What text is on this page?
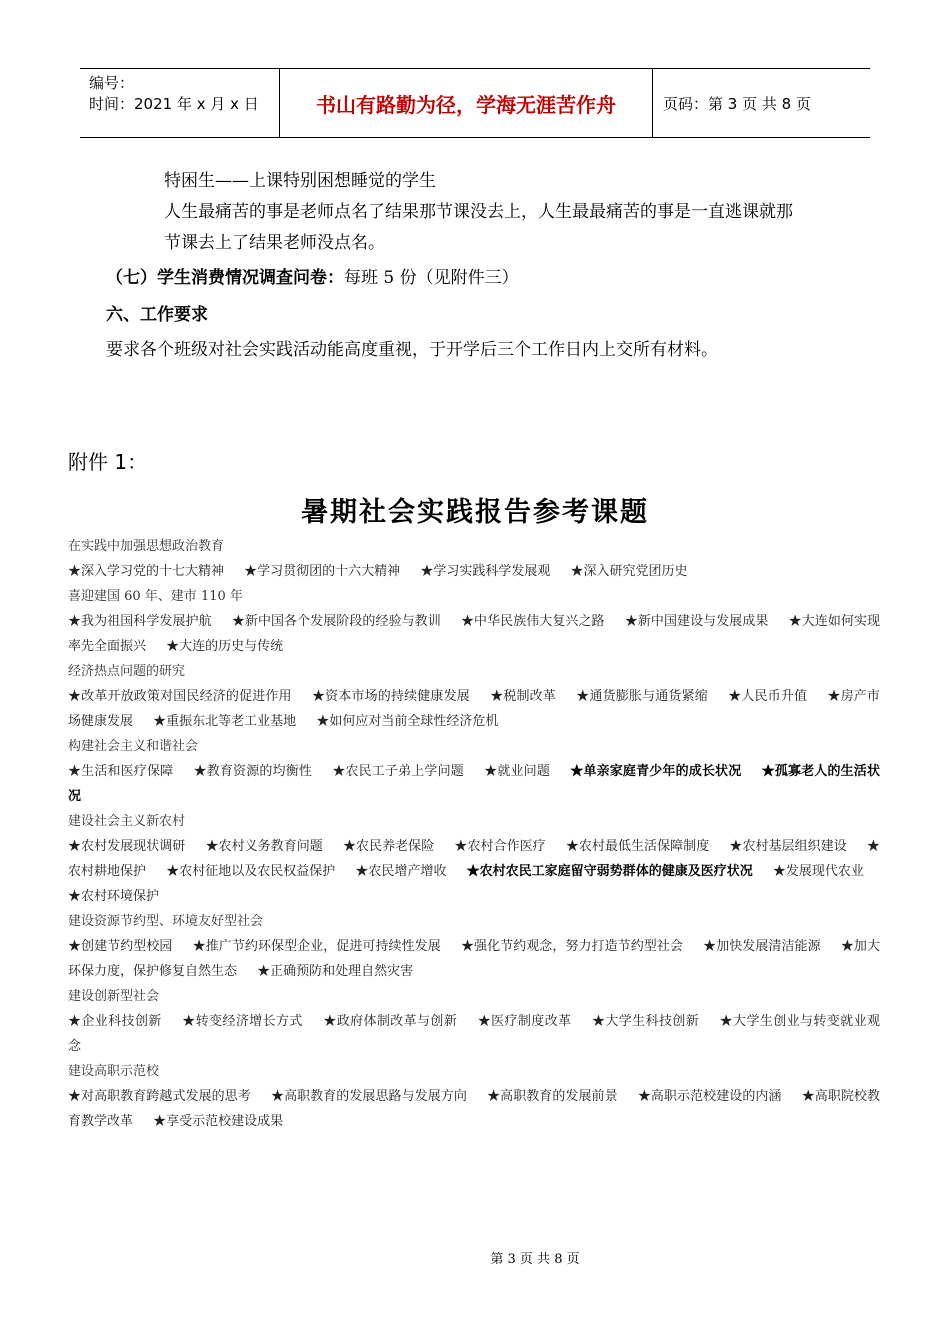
编号：
时间：2021 年 x 月 x 日	书山有路勤为径，学海无涯苦作舟	页码：第 3 页 共 8 页

特困生——上课特别困想睡觉的学生

人生最痛苦的事是老师点名了结果那节课没去上，人生最最痛苦的事是一直逃课就那

节课去上了结果老师没点名。

（七）学生消费情况调查问卷：每班 5 份（见附件三）

六、工作要求

要求各个班级对社会实践活动能高度重视，于开学后三个工作日内上交所有材料。

附件 1：
暑期社会实践报告参考课题
在实践中加强思想政治教育
★深入学习党的十七大精神 ★学习贯彻团的十六大精神 ★学习实践科学发展观 ★深入研究党团历史
喜迎建国 60 年、建市 110 年
★我为祖国科学发展护航 ★新中国各个发展阶段的经验与教训 ★中华民族伟大复兴之路 ★新中国建设与发展成果 ★大连如何实现率先全面振兴 ★大连的历史与传统
经济热点问题的研究
★改革开放政策对国民经济的促进作用 ★资本市场的持续健康发展 ★税制改革 ★通货膨胀与通货紧缩 ★人民币升值 ★房产市场健康发展 ★重振东北等老工业基地 ★如何应对当前全球性经济危机
构建社会主义和谐社会
★生活和医疗保障 ★教育资源的均衡性 ★农民工子弟上学问题 ★就业问题 ★单亲家庭青少年的成长状况 ★孤寡老人的生活状况
建设社会主义新农村
★农村发展现状调研 ★农村义务教育问题 ★农民养老保险 ★农村合作医疗 ★农村最低生活保障制度 ★农村基层组织建设 ★农村耕地保护 ★农村征地以及农民权益保护 ★农民增产增收 ★农村农民工家庭留守弱势群体的健康及医疗状况 ★发展现代农业 ★农村环境保护
建设资源节约型、环境友好型社会
★创建节约型校园 ★推广节约环保型企业，促进可持续性发展 ★强化节约观念，努力打造节约型社会 ★加快发展清洁能源 ★加大环保力度，保护修复自然生态 ★正确预防和处理自然灾害
建设创新型社会
★企业科技创新 ★转变经济增长方式 ★政府体制改革与创新 ★医疗制度改革 ★大学生科技创新 ★大学生创业与转变就业观念
建设高职示范校
★对高职教育跨越式发展的思考 ★高职教育的发展思路与发展方向 ★高职教育的发展前景 ★高职示范校建设的内涵 ★高职院校教育教学改革 ★享受示范校建设成果
第 3 页 共 8 页
